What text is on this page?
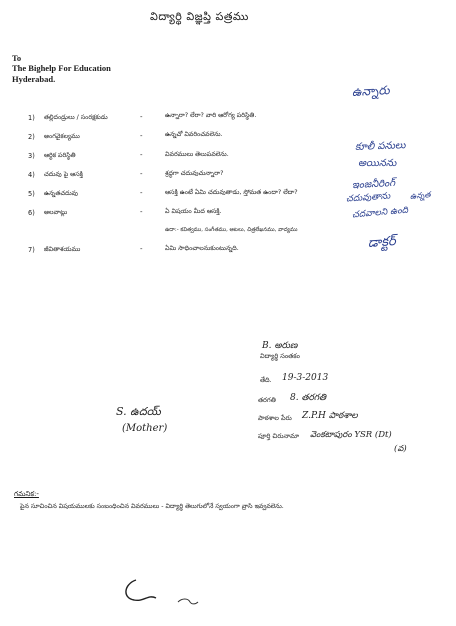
విద్యార్థి విజ్ఞప్తి పత్రము
To
The Bighelp For Education
Hyderabad.
1) తల్లిదండ్రులు / సంరక్షకుడు	-	ఉన్నారా? లేరా? వారి ఆరోగ్య పరిస్థితి.
2) అంగవైకల్యము	-	ఉన్నచో వివరించవలెను.
3) ఆర్థిక పరిస్థితి	-	వివరములు తెలుపవలెను.
4) చదువు పై ఆసక్తి	-	శ్రద్ధగా చదువుచున్నారా?
5) ఉన్నతచదువు	-	ఆసక్తి ఉంటే ఏమి చదువుతాడు, స్తోమత ఉందా? లేదా?
6) అలవాట్లు	-	ఏ విషయం మీద ఆసక్తి.
ఉదా:- కవిత్వము, సంగీతము, ఆటలు, చిత్రలేఖనము, వాద్యము
7) జీవితాశయము	-	ఏమి సాధించాలనుకుంటున్నది.
ఉన్నారు
కూలీ పనులు
అయినను
ఇంజనీరింగ్
చదువుతాను ఉన్నత
చదవాలని ఉంది
డాక్టర్
S. ఉదయ్
(Mother)
B. అరుణ
విద్యార్థి సంతకం
తేది. 19-3-2013
తరగతి 8. తరగతి
పాఠశాల పేరు Z.P.H పాఠశాల
పూర్తి చిరునామా వెంకటాపురం YSR (Dt)
(వ)
గమనిక:-
పైన సూచించిన విషయములకు సంబంధించిన వివరములు - విద్యార్థి తెలుగులోనే స్వయంగా వ్రాసి ఇవ్వవలెను.
